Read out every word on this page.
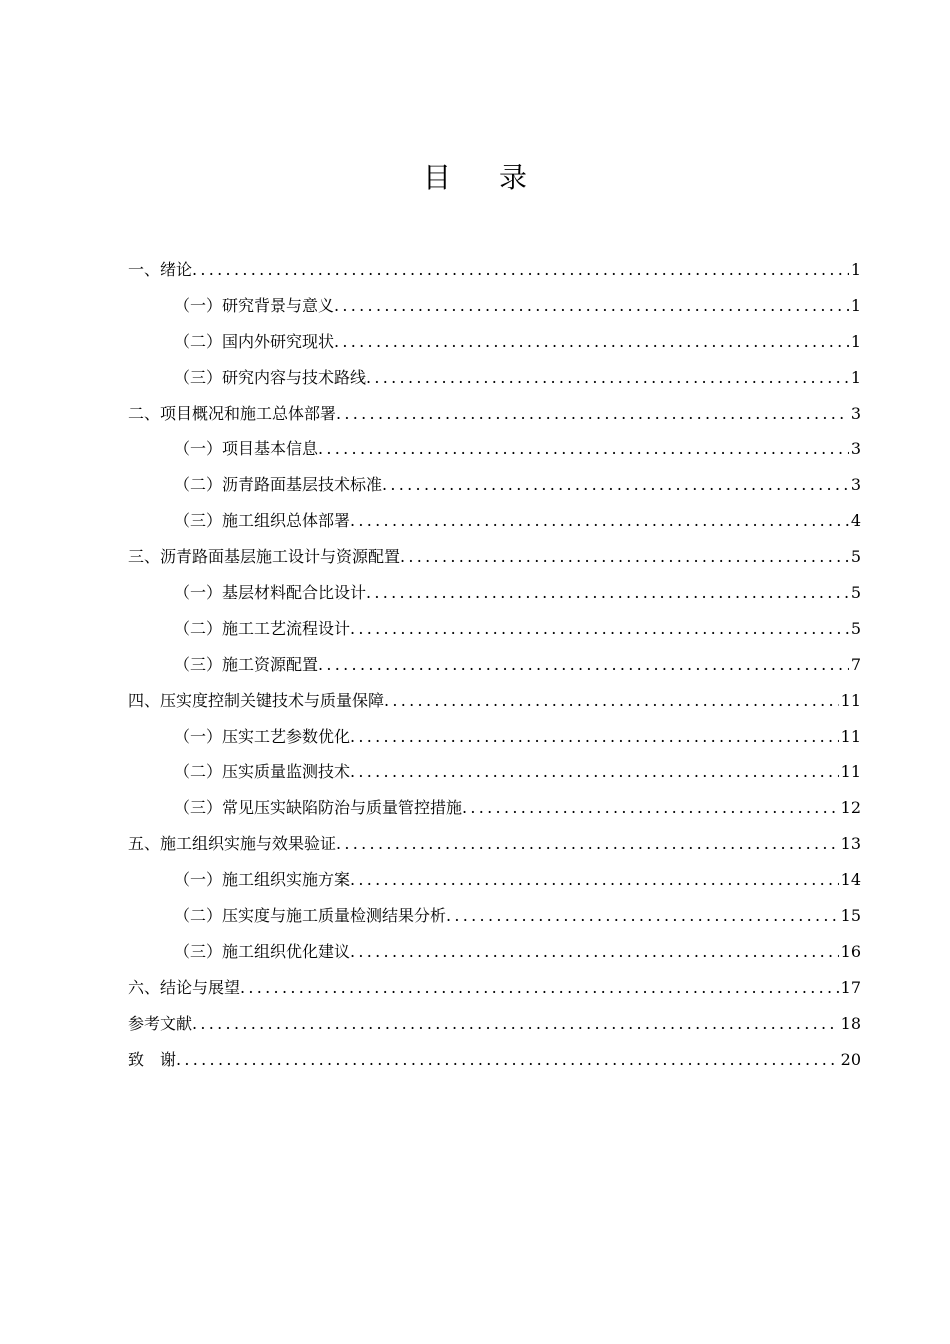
目 录
一、绪论 .....	1
（一）研究背景与意义 .....	1
（二）国内外研究现状 .....	1
（三）研究内容与技术路线 .....	1
二、项目概况和施工总体部署 .....	3
（一）项目基本信息 .....	3
（二）沥青路面基层技术标准 .....	3
（三）施工组织总体部署 .....	4
三、沥青路面基层施工设计与资源配置 .....	5
（一）基层材料配合比设计 .....	5
（二）施工工艺流程设计 .....	5
（三）施工资源配置 .....	7
四、压实度控制关键技术与质量保障 .....	11
（一）压实工艺参数优化 .....	11
（二）压实质量监测技术 .....	11
（三）常见压实缺陷防治与质量管控措施 .....	12
五、施工组织实施与效果验证 .....	13
（一）施工组织实施方案 .....	14
（二）压实度与施工质量检测结果分析 .....	15
（三）施工组织优化建议 .....	16
六、结论与展望 .....	17
参考文献 .....	18
致　谢 .....	20
